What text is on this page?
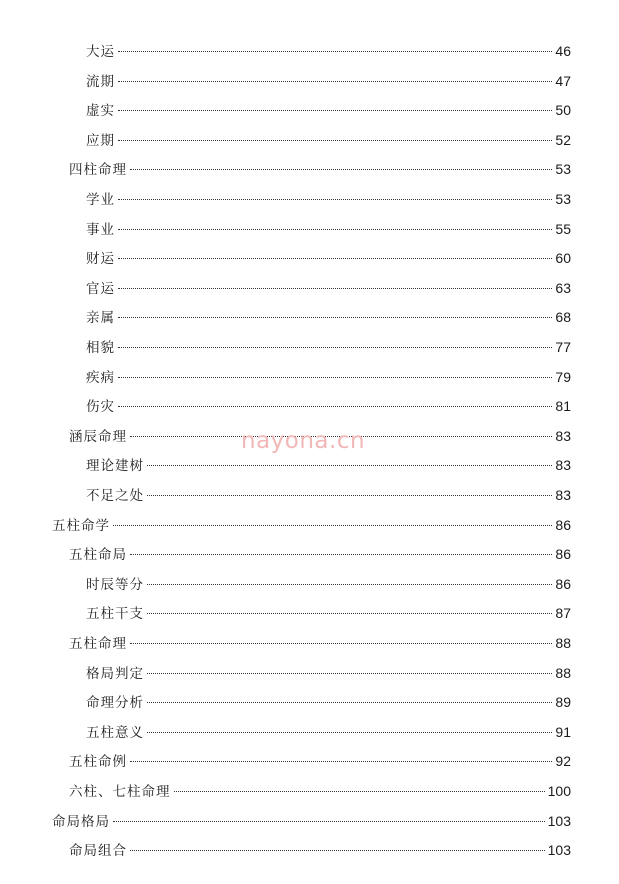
大运	46
流期	47
虚实	50
应期	52
四柱命理	53
学业	53
事业	55
财运	60
官运	63
亲属	68
相貌	77
疾病	79
伤灾	81
涵辰命理	83
理论建树	83
不足之处	83
五柱命学	86
五柱命局	86
时辰等分	86
五柱干支	87
五柱命理	88
格局判定	88
命理分析	89
五柱意义	91
五柱命例	92
六柱、七柱命理	100
命局格局	103
命局组合	103
nayona.cn
